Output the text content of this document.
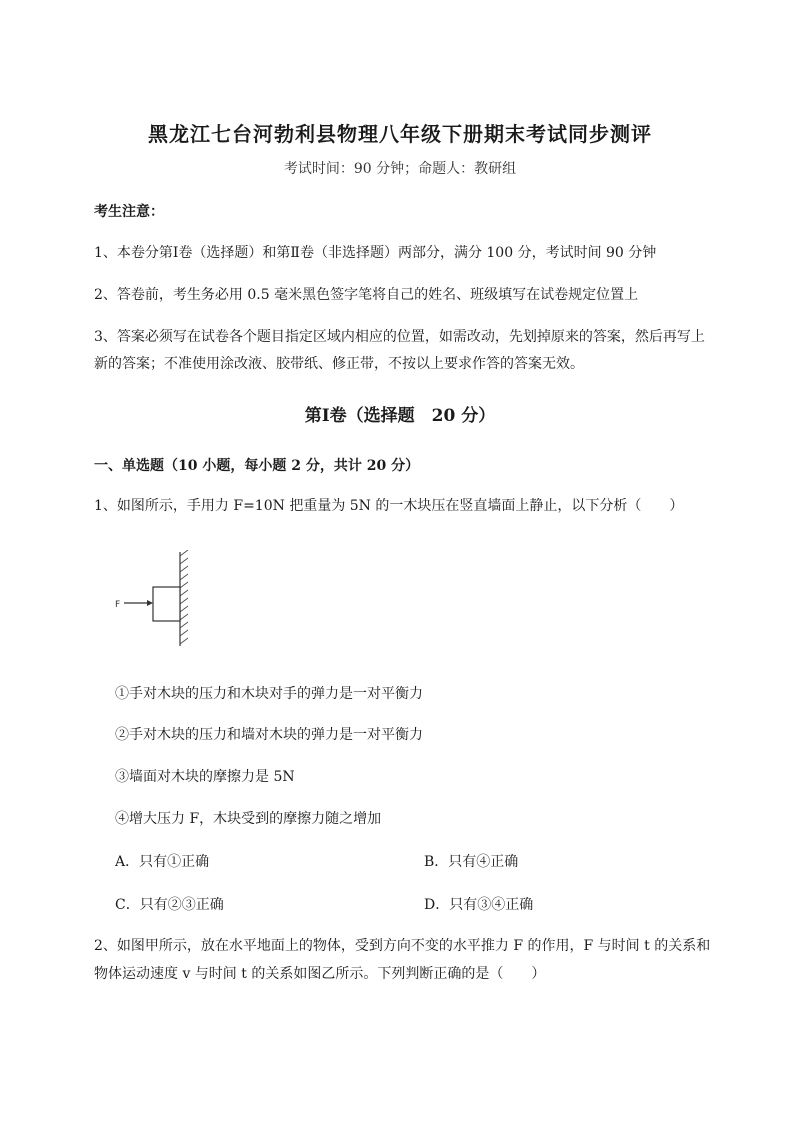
黑龙江七台河勃利县物理八年级下册期末考试同步测评
考试时间：90 分钟；命题人：教研组
考生注意：
1、本卷分第Ⅰ卷（选择题）和第Ⅱ卷（非选择题）两部分，满分 100 分，考试时间 90 分钟
2、答卷前，考生务必用 0.5 毫米黑色签字笔将自己的姓名、班级填写在试卷规定位置上
3、答案必须写在试卷各个题目指定区域内相应的位置，如需改动，先划掉原来的答案，然后再写上新的答案；不准使用涂改液、胶带纸、修正带，不按以上要求作答的答案无效。
第Ⅰ卷（选择题　20 分）
一、单选题（10 小题，每小题 2 分，共计 20 分）
1、如图所示，手用力 F=10N 把重量为 5N 的一木块压在竖直墙面上静止，以下分析（　　）
F
①手对木块的压力和木块对手的弹力是一对平衡力
②手对木块的压力和墙对木块的弹力是一对平衡力
③墙面对木块的摩擦力是 5N
④增大压力 F，木块受到的摩擦力随之增加
A．只有①正确	B．只有④正确
C．只有②③正确	D．只有③④正确
2、如图甲所示，放在水平地面上的物体，受到方向不变的水平推力 F 的作用，F 与时间 t 的关系和物体运动速度 v 与时间 t 的关系如图乙所示。下列判断正确的是（　　）
